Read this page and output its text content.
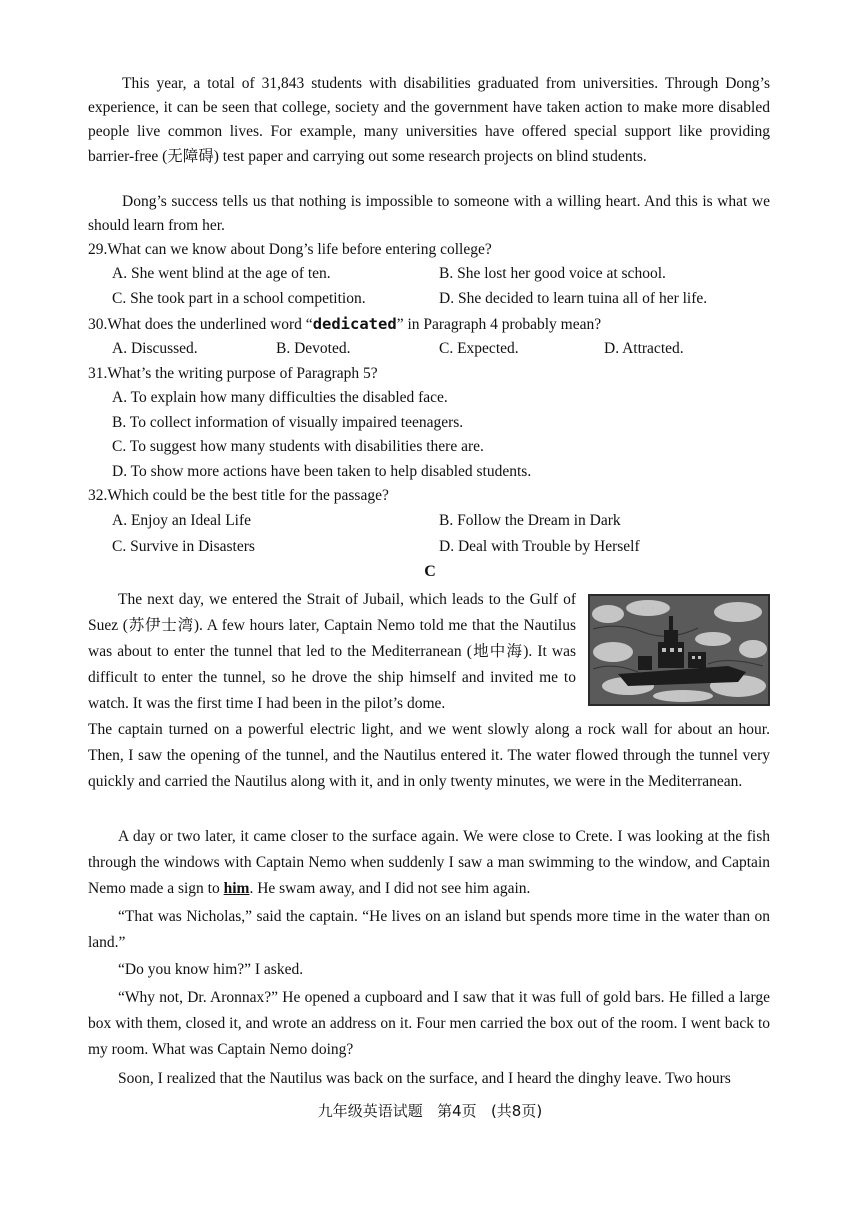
This year, a total of 31,843 students with disabilities graduated from universities. Through Dong’s experience, it can be seen that college, society and the government have taken action to make more disabled people live common lives. For example, many universities have offered special support like providing barrier-free (无障碍) test paper and carrying out some research projects on blind students.
Dong’s success tells us that nothing is impossible to someone with a willing heart. And this is what we should learn from her.
29.What can we know about Dong’s life before entering college?
A. She went blind at the age of ten.	B. She lost her good voice at school.
C. She took part in a school competition.	D. She decided to learn tuina all of her life.
30.What does the underlined word “dedicated” in Paragraph 4 probably mean?
A. Discussed.	B. Devoted.	C. Expected.	D. Attracted.
31.What’s the writing purpose of Paragraph 5?
A. To explain how many difficulties the disabled face.
B. To collect information of visually impaired teenagers.
C. To suggest how many students with disabilities there are.
D. To show more actions have been taken to help disabled students.
32.Which could be the best title for the passage?
A. Enjoy an Ideal Life	B. Follow the Dream in Dark
C. Survive in Disasters	D. Deal with Trouble by Herself
C
The next day, we entered the Strait of Jubail, which leads to the Gulf of Suez (苏伊士湾). A few hours later, Captain Nemo told me that the Nautilus was about to enter the tunnel that led to the Mediterranean (地中海). It was difficult to enter the tunnel, so he drove the ship himself and invited me to watch. It was the first time I had been in the pilot’s dome.
The captain turned on a powerful electric light, and we went slowly along a rock wall for about an hour. Then, I saw the opening of the tunnel, and the Nautilus entered it. The water flowed through the tunnel very quickly and carried the Nautilus along with it, and in only twenty minutes, we were in the Mediterranean.
A day or two later, it came closer to the surface again. We were close to Crete. I was looking at the fish through the windows with Captain Nemo when suddenly I saw a man swimming to the window, and Captain Nemo made a sign to him. He swam away, and I did not see him again.
“That was Nicholas,” said the captain. “He lives on an island but spends more time in the water than on land.”
“Do you know him?” I asked.
“Why not, Dr. Aronnax?” He opened a cupboard and I saw that it was full of gold bars. He filled a large box with them, closed it, and wrote an address on it. Four men carried the box out of the room. I went back to my room. What was Captain Nemo doing?
Soon, I realized that the Nautilus was back on the surface, and I heard the dinghy leave. Two hours
九年级英语试题   第4页   (共8页)
